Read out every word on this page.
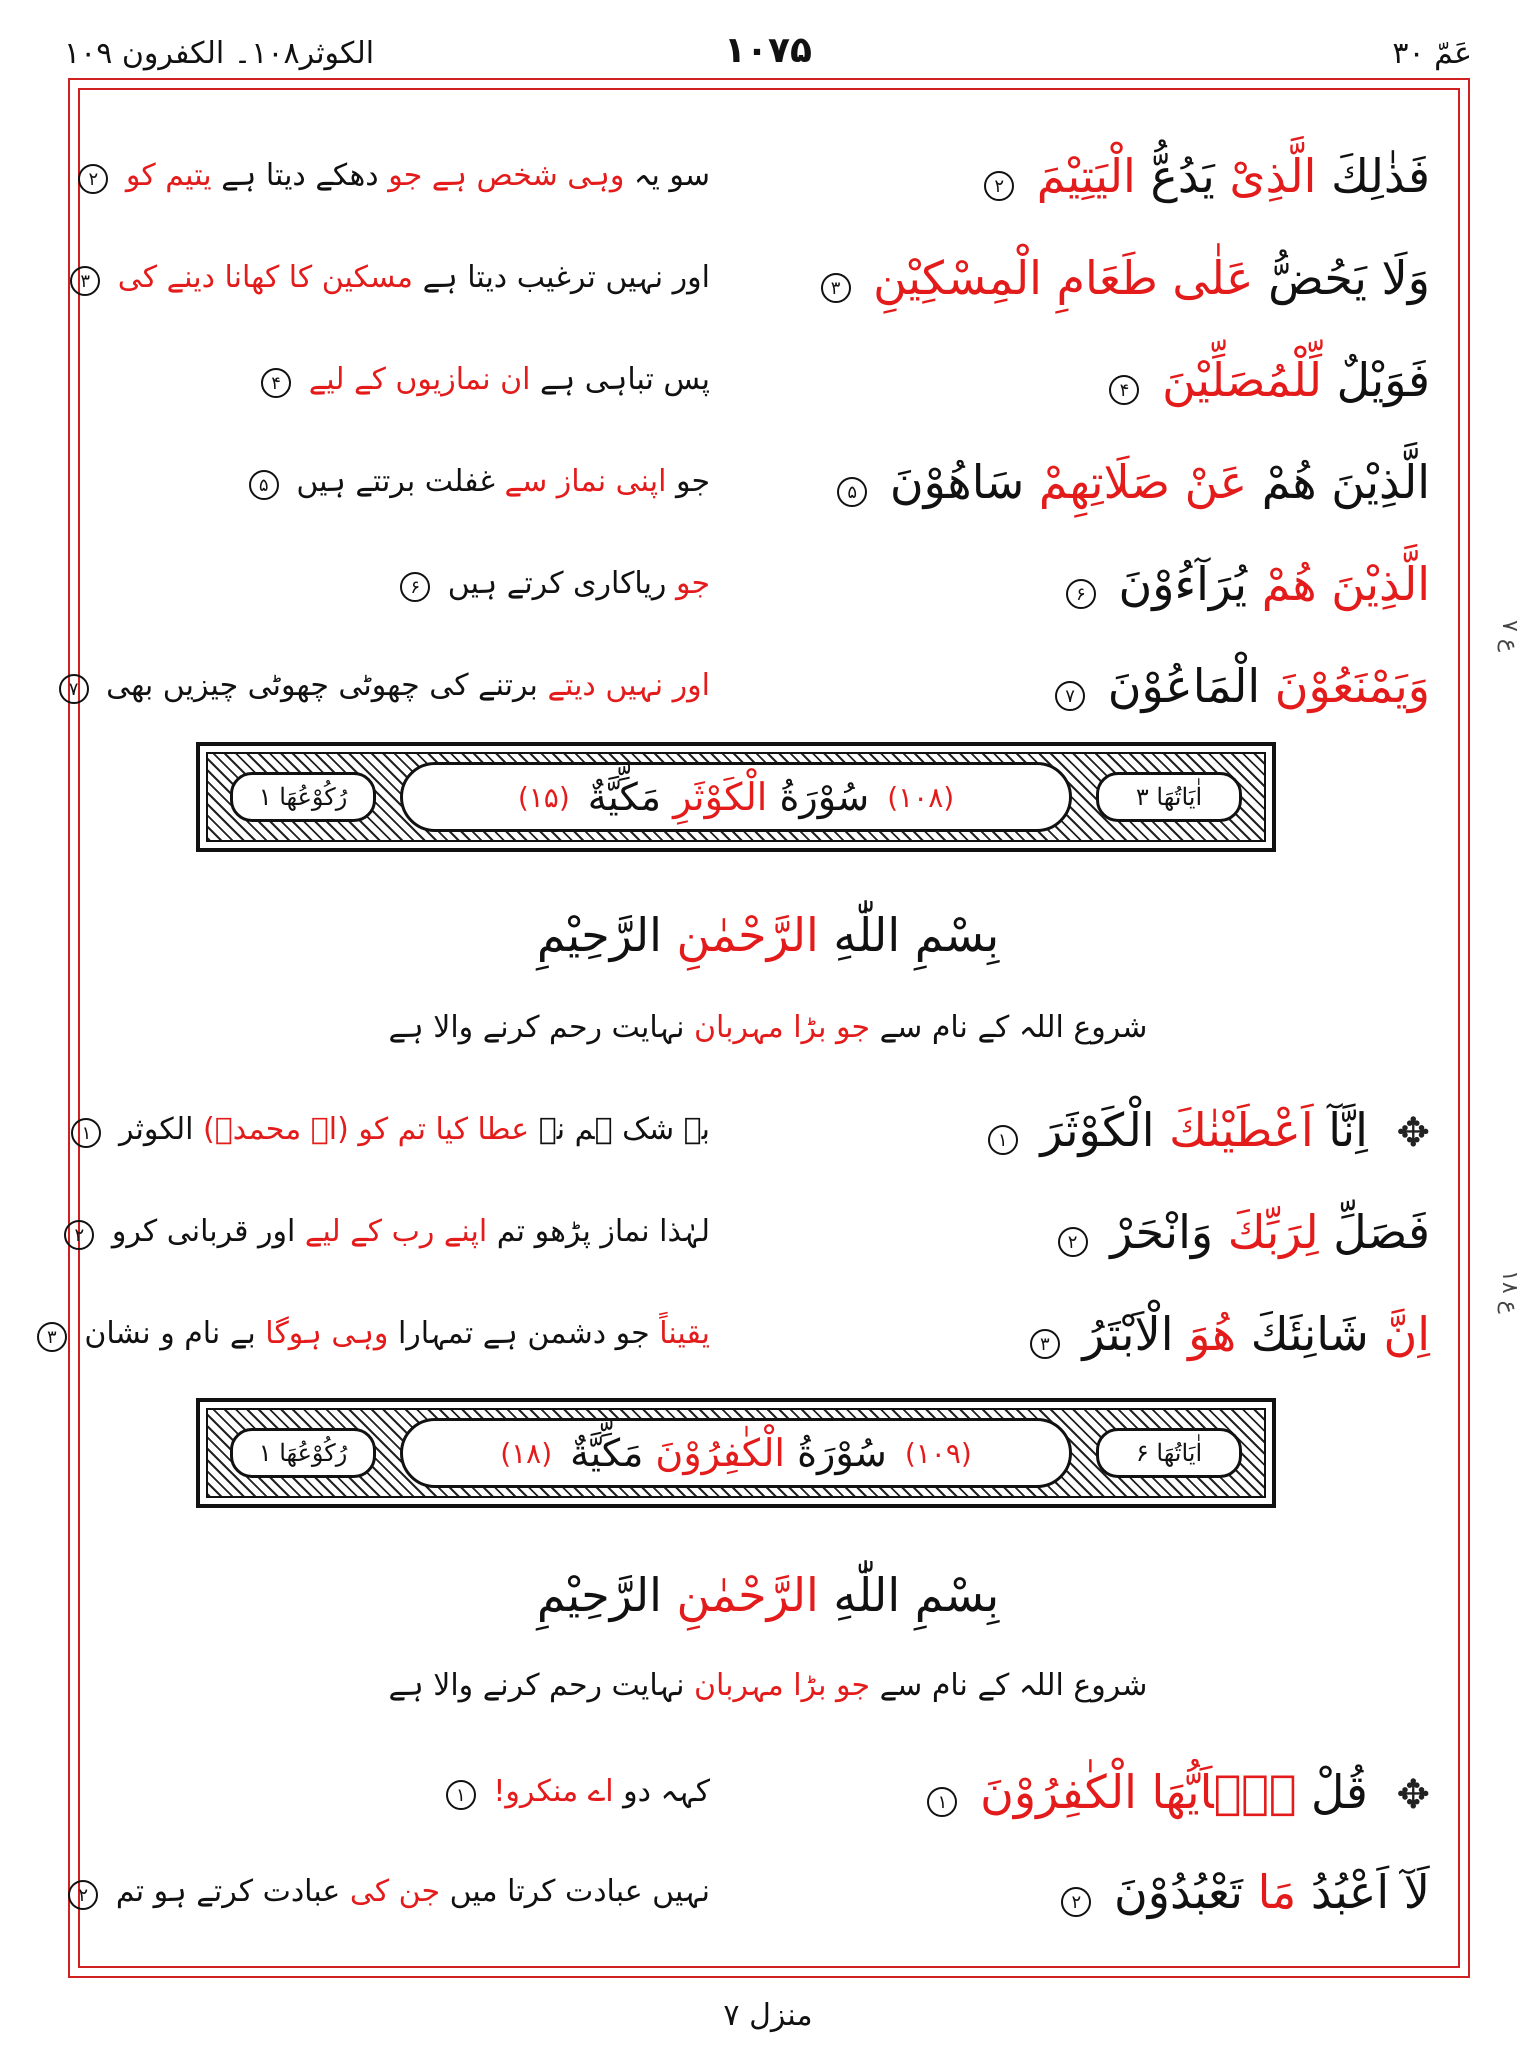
الکوثر۱۰۸۔ الکفرون ۱۰۹	۱۰۷۵	عَمّ ۳۰
ع ۷
ع ۱۸
فَذٰلِكَ الَّذِیْ یَدُعُّ الْیَتِیْمَ ۲
سو یہ وہی شخص ہے جو دھکے دیتا ہے یتیم کو ۲
وَلَا یَحُضُّ عَلٰى طَعَامِ الْمِسْكِیْنِ ۳
اور نہیں ترغیب دیتا ہے مسکین کا کھانا دینے کی ۳
فَوَیْلٌ لِّلْمُصَلِّیْنَ ۴
پس تباہی ہے ان نمازیوں کے لیے ۴
الَّذِیْنَ هُمْ عَنْ صَلَاتِهِمْ سَاهُوْنَ ۵
جو اپنی نماز سے غفلت برتتے ہیں ۵
الَّذِیْنَ هُمْ یُرَآءُوْنَ ۶
جو ریاکاری کرتے ہیں ۶
وَیَمْنَعُوْنَ الْمَاعُوْنَ ۷
اور نہیں دیتے برتنے کی چھوٹی چھوٹی چیزیں بھی ۷
اٰیَاتُهَا ۳
(۱۰۸)
سُوْرَةُ

الْكَوْثَرِ

مَكِّیَّةٌ
(۱۵)
رُكُوْعُهَا ۱
بِسْمِ اللّٰهِ الرَّحْمٰنِ الرَّحِیْمِ
شروع اللہ کے نام سے جو بڑا مہربان نہایت رحم کرنے والا ہے
✥ اِنَّآ اَعْطَیْنٰكَ الْكَوْثَرَ ۱
بے شک ہم نے عطا کیا تم کو (اے محمدؐ) الکوثر ۱
فَصَلِّ لِرَبِّكَ وَانْحَرْ ۲
لہٰذا نماز پڑھو تم اپنے رب کے لیے اور قربانی کرو ۲
اِنَّ شَانِئَكَ هُوَ الْاَبْتَرُ ۳
یقیناً جو دشمن ہے تمہارا وہی ہوگا بے نام و نشان ۳
اٰیَاتُهَا ۶
(۱۰۹)
سُوْرَةُ

الْكٰفِرُوْنَ

مَكِّیَّةٌ
(۱۸)
رُكُوْعُهَا ۱
بِسْمِ اللّٰهِ الرَّحْمٰنِ الرَّحِیْمِ
شروع اللہ کے نام سے جو بڑا مہربان نہایت رحم کرنے والا ہے
✥ قُلْ یٰۤاَیُّهَا الْكٰفِرُوْنَ ۱
کہہ دو اے منکرو! ۱
لَآ اَعْبُدُ مَا تَعْبُدُوْنَ ۲
نہیں عبادت کرتا میں جن کی عبادت کرتے ہو تم ۲
منزل ۷
